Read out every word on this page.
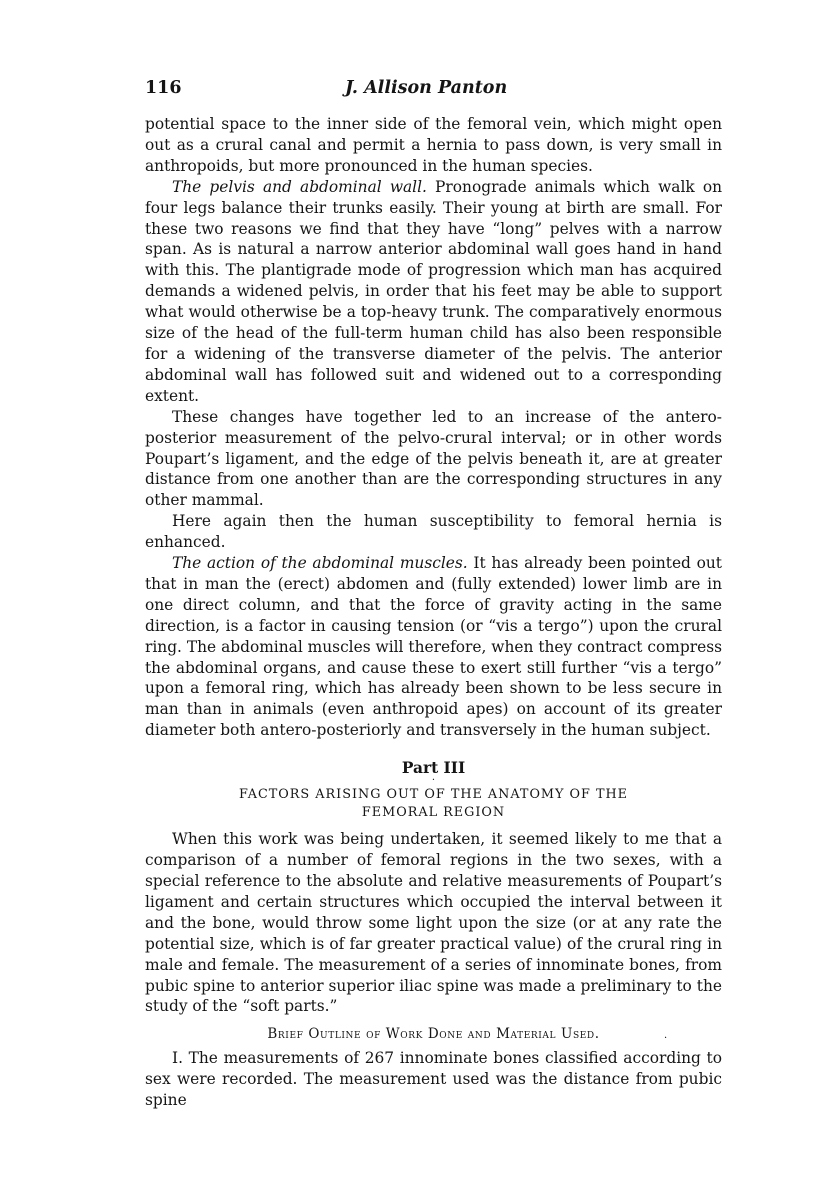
116	J. Allison Panton

potential space to the inner side of the femoral vein, which might open out as a crural canal and permit a hernia to pass down, is very small in anthropoids, but more pronounced in the human species.

The pelvis and abdominal wall. Pronograde animals which walk on four legs balance their trunks easily. Their young at birth are small. For these two reasons we find that they have “long” pelves with a narrow span. As is natural a narrow anterior abdominal wall goes hand in hand with this. The plantigrade mode of progression which man has acquired demands a widened pelvis, in order that his feet may be able to support what would otherwise be a top-heavy trunk. The comparatively enormous size of the head of the full-term human child has also been responsible for a widening of the transverse diameter of the pelvis. The anterior abdominal wall has followed suit and widened out to a corresponding extent.

These changes have together led to an increase of the antero-posterior measurement of the pelvo-crural interval; or in other words Poupart’s ligament, and the edge of the pelvis beneath it, are at greater distance from one another than are the corresponding structures in any other mammal.

Here again then the human susceptibility to femoral hernia is enhanced.

The action of the abdominal muscles. It has already been pointed out that in man the (erect) abdomen and (fully extended) lower limb are in one direct column, and that the force of gravity acting in the same direction, is a factor in causing tension (or “vis a tergo”) upon the crural ring. The abdominal muscles will therefore, when they contract compress the abdominal organs, and cause these to exert still further “vis a tergo” upon a femoral ring, which has already been shown to be less secure in man than in animals (even anthropoid apes) on account of its greater diameter both antero-posteriorly and transversely in the human subject.

Part III
·
FACTORS ARISING OUT OF THE ANATOMY OF THE
FEMORAL REGION

When this work was being undertaken, it seemed likely to me that a comparison of a number of femoral regions in the two sexes, with a special reference to the absolute and relative measurements of Poupart’s ligament and certain structures which occupied the interval between it and the bone, would throw some light upon the size (or at any rate the potential size, which is of far greater practical value) of the crural ring in male and female. The measurement of a series of innominate bones, from pubic spine to anterior superior iliac spine was made a preliminary to the study of the “soft parts.”

Brief Outline of Work Done and Material Used.

I. The measurements of 267 innominate bones classified according to sex were recorded. The measurement used was the distance from pubic spine

·
